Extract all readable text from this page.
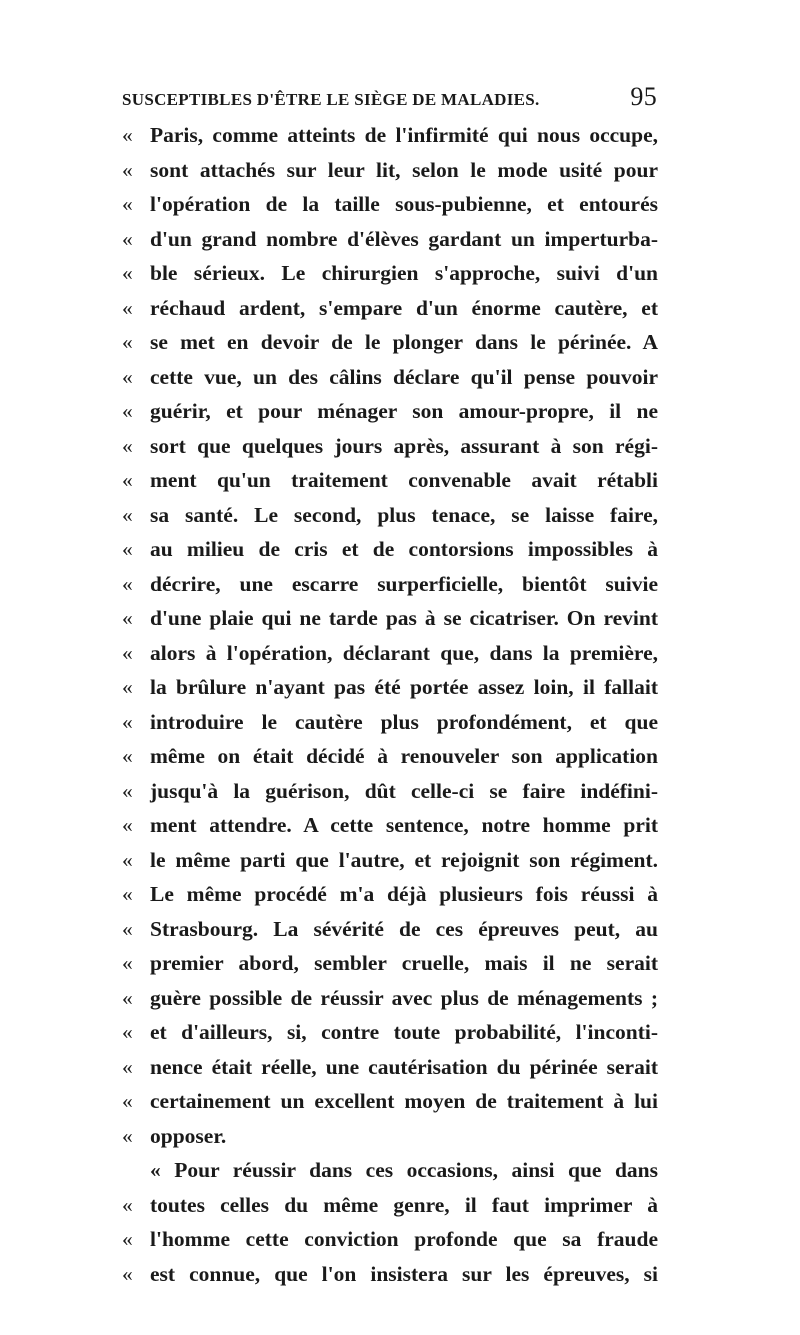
SUSCEPTIBLES D'ÊTRE LE SIÈGE DE MALADIES.	95
« Paris, comme atteints de l'infirmité qui nous occupe,
« sont attachés sur leur lit, selon le mode usité pour
« l'opération de la taille sous-pubienne, et entourés
« d'un grand nombre d'élèves gardant un imperturba-
« ble sérieux. Le chirurgien s'approche, suivi d'un
« réchaud ardent, s'empare d'un énorme cautère, et
« se met en devoir de le plonger dans le périnée. A
« cette vue, un des câlins déclare qu'il pense pouvoir
« guérir, et pour ménager son amour-propre, il ne
« sort que quelques jours après, assurant à son régi-
« ment qu'un traitement convenable avait rétabli
« sa santé. Le second, plus tenace, se laisse faire,
« au milieu de cris et de contorsions impossibles à
« décrire, une escarre surperficielle, bientôt suivie
« d'une plaie qui ne tarde pas à se cicatriser. On revint
« alors à l'opération, déclarant que, dans la première,
« la brûlure n'ayant pas été portée assez loin, il fallait
« introduire le cautère plus profondément, et que
« même on était décidé à renouveler son application
« jusqu'à la guérison, dût celle-ci se faire indéfini-
« ment attendre. A cette sentence, notre homme prit
« le même parti que l'autre, et rejoignit son régiment.
« Le même procédé m'a déjà plusieurs fois réussi à
« Strasbourg. La sévérité de ces épreuves peut, au
« premier abord, sembler cruelle, mais il ne serait
« guère possible de réussir avec plus de ménagements ;
« et d'ailleurs, si, contre toute probabilité, l'inconti-
« nence était réelle, une cautérisation du périnée serait
« certainement un excellent moyen de traitement à lui
« opposer.
« Pour réussir dans ces occasions, ainsi que dans
« toutes celles du même genre, il faut imprimer à
« l'homme cette conviction profonde que sa fraude
« est connue, que l'on insistera sur les épreuves, si
